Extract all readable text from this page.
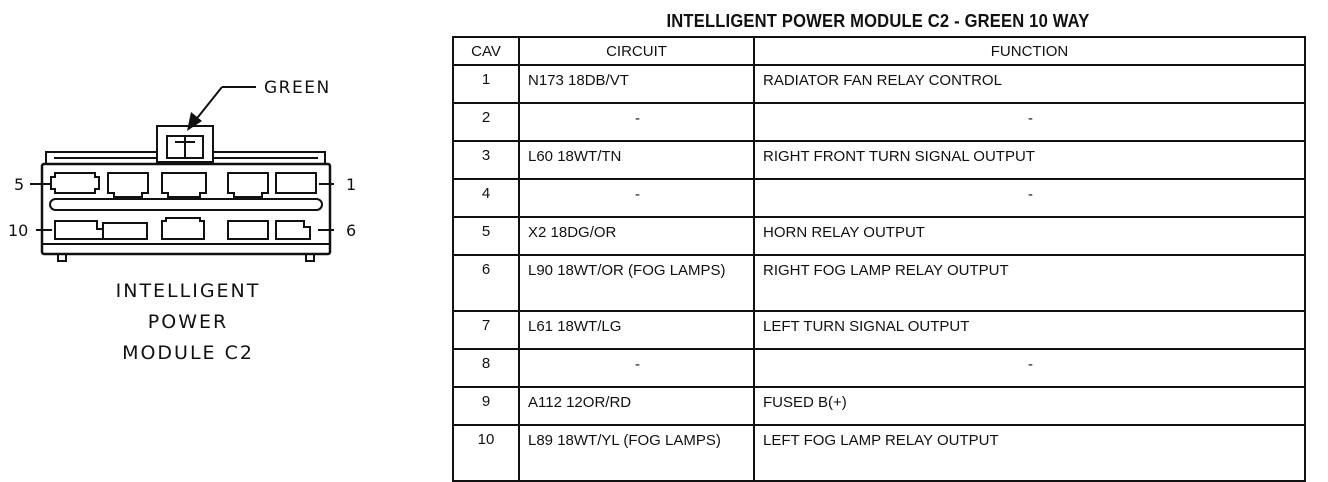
GREEN
5	1
10	6
INTELLIGENT
POWER
MODULE C2
INTELLIGENT POWER MODULE C2 - GREEN 10 WAY
CAV	CIRCUIT	FUNCTION
1	N173 18DB/VT	RADIATOR FAN RELAY CONTROL
2	-	-
3	L60 18WT/TN	RIGHT FRONT TURN SIGNAL OUTPUT
4	-	-
5	X2 18DG/OR	HORN RELAY OUTPUT
6	L90 18WT/OR (FOG LAMPS)	RIGHT FOG LAMP RELAY OUTPUT
7	L61 18WT/LG	LEFT TURN SIGNAL OUTPUT
8	-	-
9	A112 12OR/RD	FUSED B(+)
10	L89 18WT/YL (FOG LAMPS)	LEFT FOG LAMP RELAY OUTPUT
